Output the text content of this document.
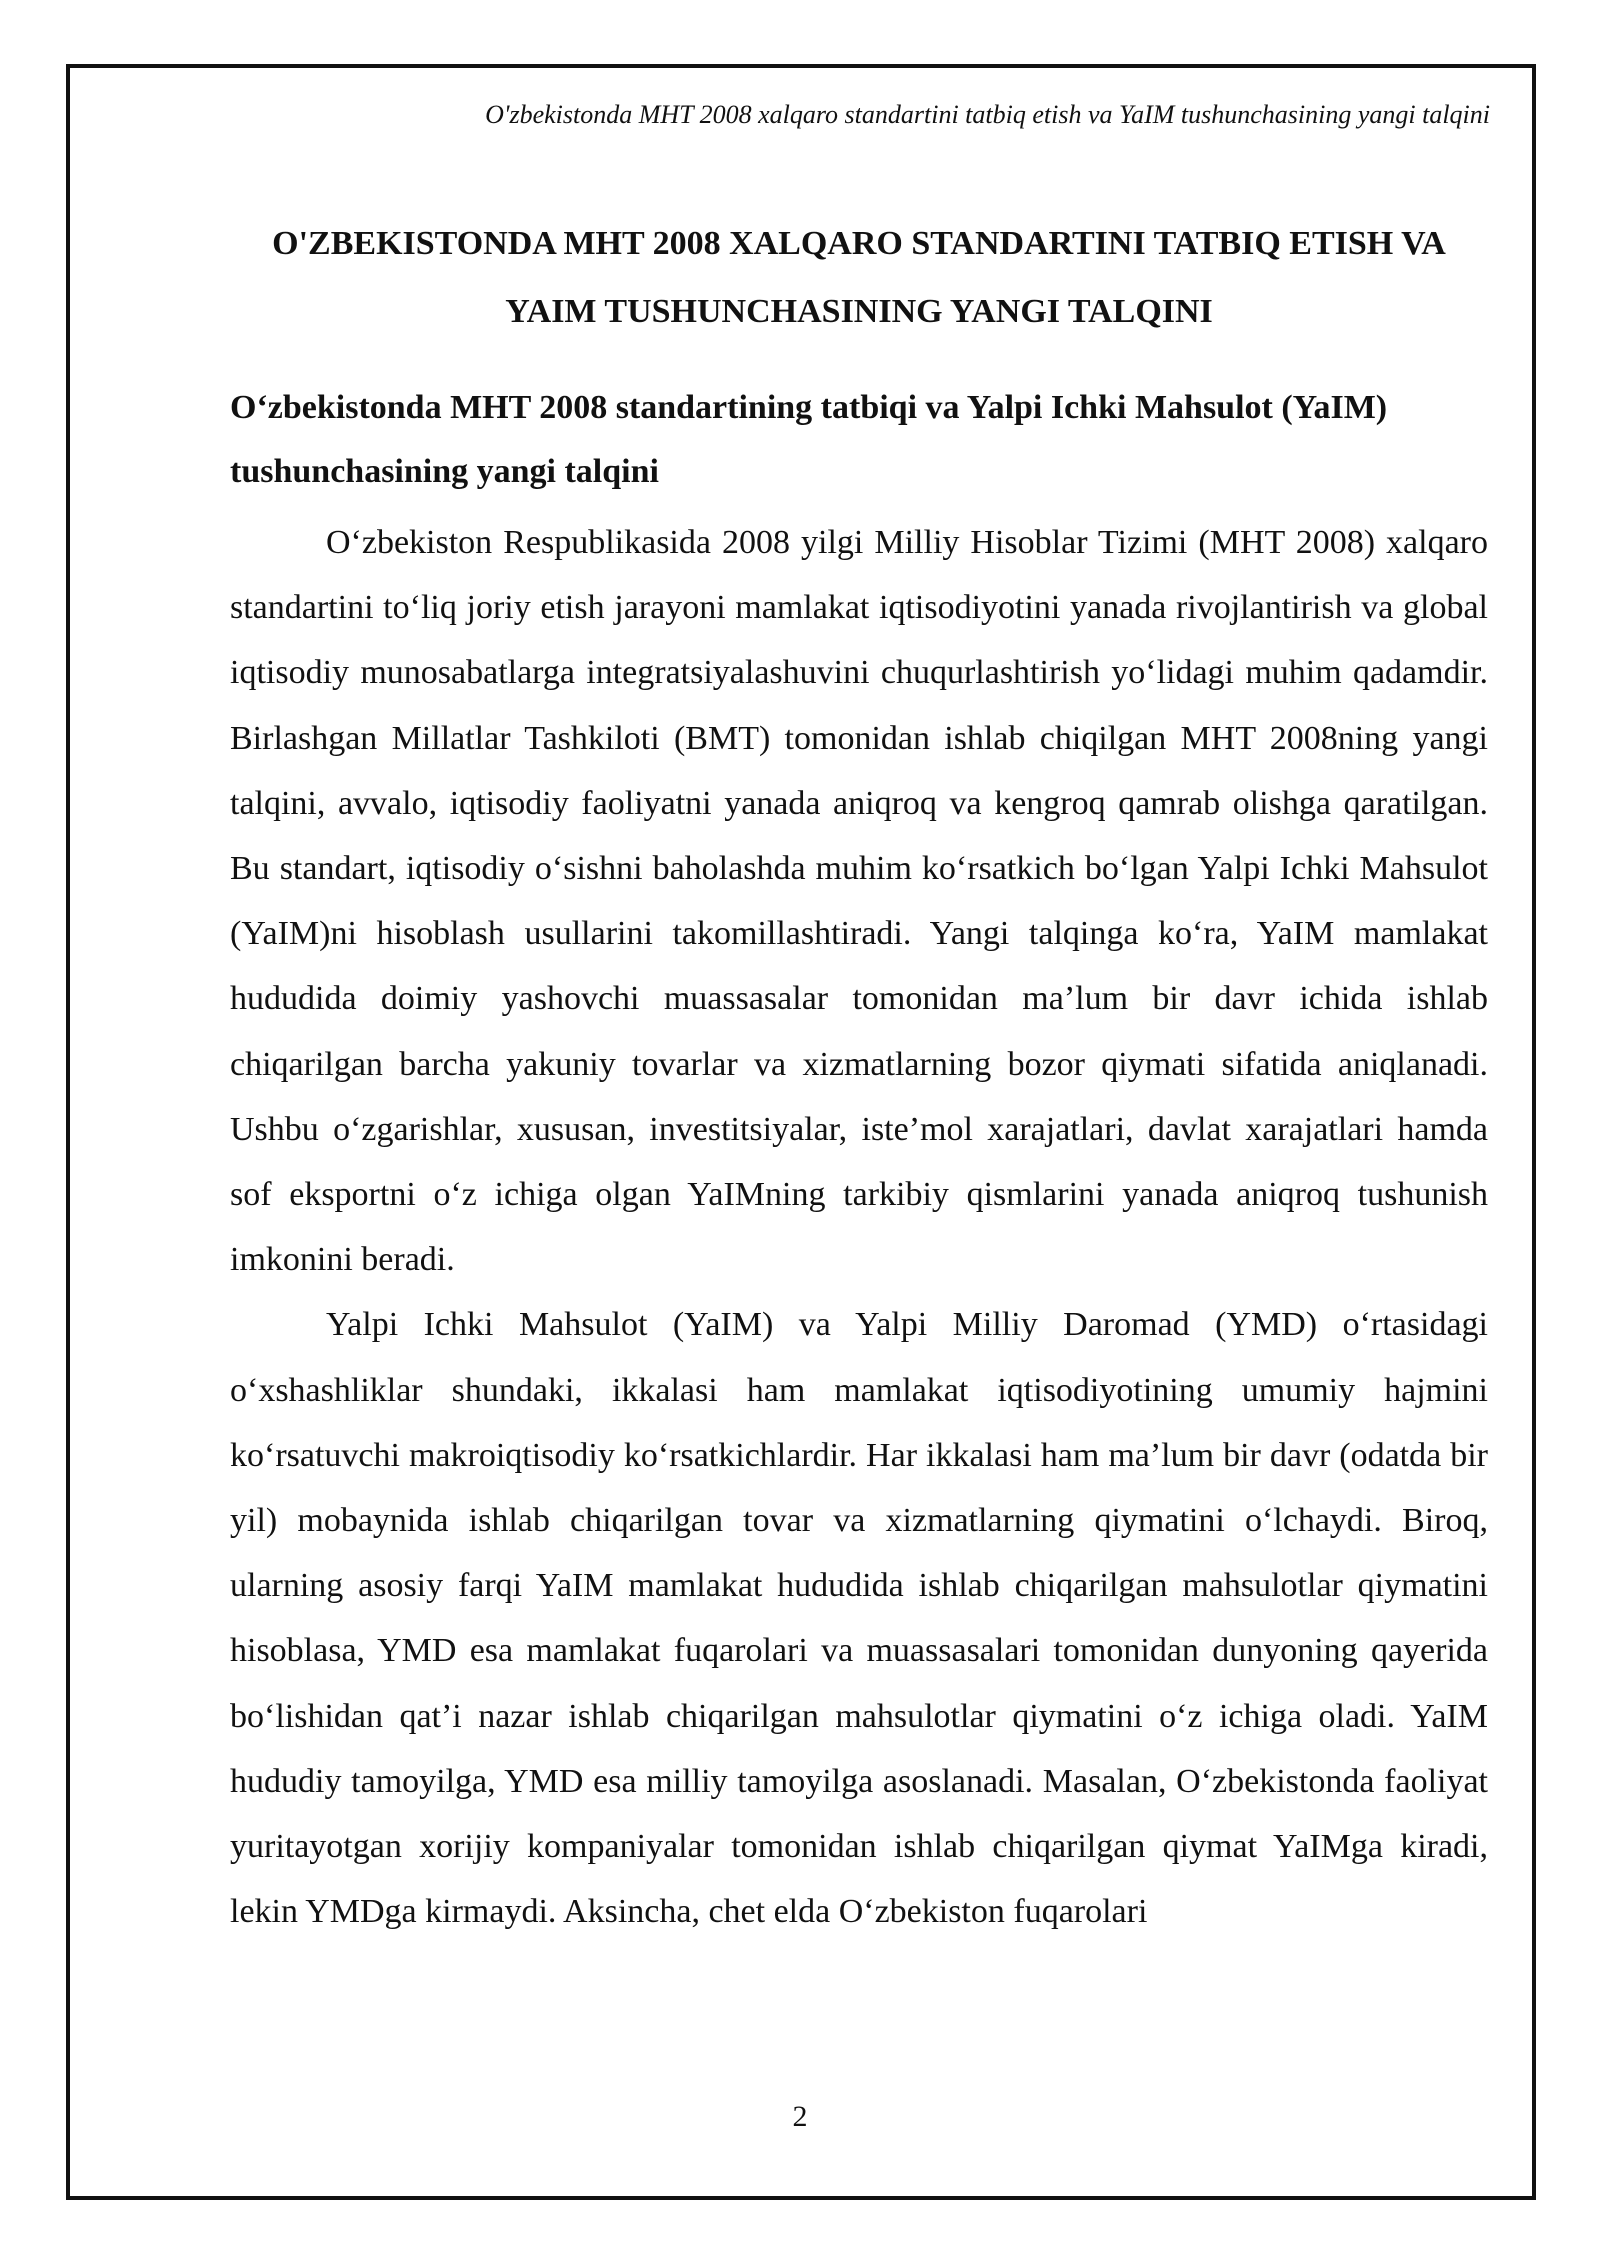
O'zbekistonda MHT 2008 xalqaro standartini tatbiq etish va YaIM tushunchasining yangi talqini
O'ZBEKISTONDA MHT 2008 XALQARO STANDARTINI TATBIQ ETISH VA YAIM TUSHUNCHASINING YANGI TALQINI
O‘zbekistonda MHT 2008 standartining tatbiqi va Yalpi Ichki Mahsulot (YaIM) tushunchasining yangi talqini

O‘zbekiston Respublikasida 2008 yilgi Milliy Hisoblar Tizimi (MHT 2008) xalqaro standartini to‘liq joriy etish jarayoni mamlakat iqtisodiyotini yanada rivojlantirish va global iqtisodiy munosabatlarga integratsiyalashuvini chuqurlashtirish yo‘lidagi muhim qadamdir. Birlashgan Millatlar Tashkiloti (BMT) tomonidan ishlab chiqilgan MHT 2008ning yangi talqini, avvalo, iqtisodiy faoliyatni yanada aniqroq va kengroq qamrab olishga qaratilgan. Bu standart, iqtisodiy o‘sishni baholashda muhim ko‘rsatkich bo‘lgan Yalpi Ichki Mahsulot (YaIM)ni hisoblash usullarini takomillashtiradi. Yangi talqinga ko‘ra, YaIM mamlakat hududida doimiy yashovchi muassasalar tomonidan ma’lum bir davr ichida ishlab chiqarilgan barcha yakuniy tovarlar va xizmatlarning bozor qiymati sifatida aniqlanadi. Ushbu o‘zgarishlar, xususan, investitsiyalar, iste’mol xarajatlari, davlat xarajatlari hamda sof eksportni o‘z ichiga olgan YaIMning tarkibiy qismlarini yanada aniqroq tushunish imkonini beradi.

Yalpi Ichki Mahsulot (YaIM) va Yalpi Milliy Daromad (YMD) o‘rtasidagi o‘xshashliklar shundaki, ikkalasi ham mamlakat iqtisodiyotining umumiy hajmini ko‘rsatuvchi makroiqtisodiy ko‘rsatkichlardir. Har ikkalasi ham ma’lum bir davr (odatda bir yil) mobaynida ishlab chiqarilgan tovar va xizmatlarning qiymatini o‘lchaydi. Biroq, ularning asosiy farqi YaIM mamlakat hududida ishlab chiqarilgan mahsulotlar qiymatini hisoblasa, YMD esa mamlakat fuqarolari va muassasalari tomonidan dunyoning qayerida bo‘lishidan qat’i nazar ishlab chiqarilgan mahsulotlar qiymatini o‘z ichiga oladi. YaIM hududiy tamoyilga, YMD esa milliy tamoyilga asoslanadi. Masalan, O‘zbekistonda faoliyat yuritayotgan xorijiy kompaniyalar tomonidan ishlab chiqarilgan qiymat YaIMga kiradi, lekin YMDga kirmaydi. Aksincha, chet elda O‘zbekiston fuqarolari

2
